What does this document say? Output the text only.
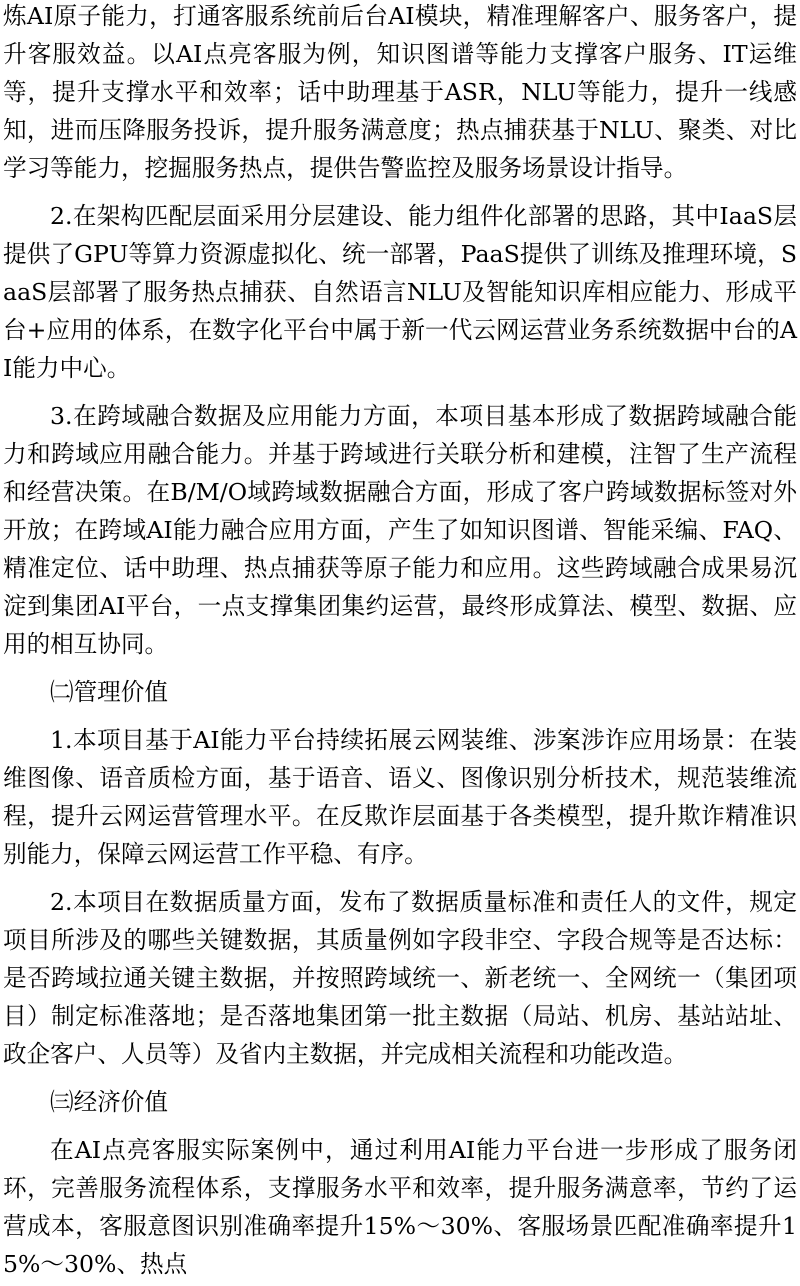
炼AI原子能力，打通客服系统前后台AI模块，精准理解客户、服务客户，提升客服效益。以AI点亮客服为例，知识图谱等能力支撑客户服务、IT运维等，提升支撑水平和效率；话中助理基于ASR，NLU等能力，提升一线感知，进而压降服务投诉，提升服务满意度；热点捕获基于NLU、聚类、对比学习等能力，挖掘服务热点，提供告警监控及服务场景设计指导。

2.在架构匹配层面采用分层建设、能力组件化部署的思路，其中IaaS层提供了GPU等算力资源虚拟化、统一部署，PaaS提供了训练及推理环境，SaaS层部署了服务热点捕获、自然语言NLU及智能知识库相应能力、形成平台+应用的体系，在数字化平台中属于新一代云网运营业务系统数据中台的AI能力中心。

3.在跨域融合数据及应用能力方面，本项目基本形成了数据跨域融合能力和跨域应用融合能力。并基于跨域进行关联分析和建模，注智了生产流程和经营决策。在B/M/O域跨域数据融合方面，形成了客户跨域数据标签对外开放；在跨域AI能力融合应用方面，产生了如知识图谱、智能采编、FAQ、精准定位、话中助理、热点捕获等原子能力和应用。这些跨域融合成果易沉淀到集团AI平台，一点支撑集团集约运营，最终形成算法、模型、数据、应用的相互协同。

㈡管理价值

1.本项目基于AI能力平台持续拓展云网装维、涉案涉诈应用场景：在装维图像、语音质检方面，基于语音、语义、图像识别分析技术，规范装维流程，提升云网运营管理水平。在反欺诈层面基于各类模型，提升欺诈精准识别能力，保障云网运营工作平稳、有序。

2.本项目在数据质量方面，发布了数据质量标准和责任人的文件，规定项目所涉及的哪些关键数据，其质量例如字段非空、字段合规等是否达标：是否跨域拉通关键主数据，并按照跨域统一、新老统一、全网统一（集团项目）制定标准落地；是否落地集团第一批主数据（局站、机房、基站站址、政企客户、人员等）及省内主数据，并完成相关流程和功能改造。

㈢经济价值

在AI点亮客服实际案例中，通过利用AI能力平台进一步形成了服务闭环，完善服务流程体系，支撑服务水平和效率，提升服务满意率，节约了运营成本，客服意图识别准确率提升15%～30%、客服场景匹配准确率提升15%～30%、热点
